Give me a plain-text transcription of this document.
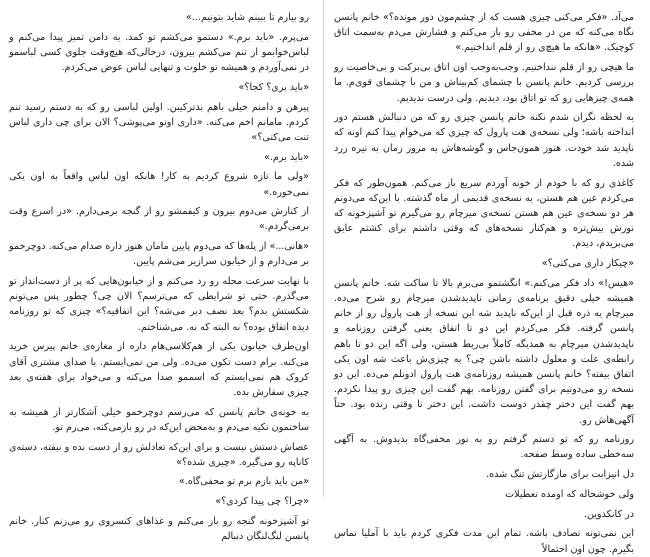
رو بیارم تا ببینم شاید بتونیم...»

می‌پرم. «باید برم.» دستمو می‌کشم تو کمد. یه دامن تمیز پیدا می‌کنم و لباس‌خوابمو از تنم می‌کشم بیرون، درحالی‌که هیچ‌وقت جلوی کسی لباسمو در نمی‌آوردم و همیشه تو خلوت و تنهایی لباس عوض می‌کردم.

«باید بری؟ کجا؟»

پیرهن و دامنم خیلی باهم بدترکیبن. اولین لباسی رو که به دستم رسید تنم کردم. مامانم اخم می‌کنه. «داری اونو می‌پوشی؟ الان برای چی داری لباس تنت می‌کنی؟»

«باید برم.»

«ولی ما تازه شروع کردیم به کار! هانکه اون لباس واقعاً به اون یکی نمی‌خوره.»

از کنارش می‌دوم بیرون و کیفمشو رو از گنجه برمی‌دارم. «در اسرع وقت برمی‌گردم.»

«هانی...» از پله‌ها که می‌دوم پایین مامان هنوز داره صدام می‌کنه. دوچرخمو بر می‌دارم و از خیابون سرازیر می‌شم پایین.

با نهایت سرعت محله رو رد می‌کنم و از خیابون‌هایی که پر از دست‌انداز تو می‌گذرم. حتی تو شرایطی که می‌ترسم؟ الان چی؟ چطور پس می‌تونم شکستش بدم؟ بعد نصف دیر می‌شه؟ این اتفاقیه؟» چیزی که تو روزنامه دیده اتفاق بوده؟ نه البته که نه. می‌شناختم.

اون‌طرف خیابون یکی از هم‌کلاسی‌هام داره از مغازه‌ی خانم پیرس خرید می‌کنه. برام دست تکون می‌ده. ولی من نمی‌ایستم. با صدای مشتری آقای کروک هم نمی‌ایستم که اسممو صدا می‌کنه و می‌خواد برای هفته‌ی بعد چیزی سفارش بده.

به خونه‌ی خانم پانسن که می‌رسم دوچرخمو خیلی آشکارتر از همیشه به ساختمون تکیه می‌دم و به‌محض این‌که در رو بازمی‌کنه، می‌رم تو.

عصاش دستش نیست و برای این‌که تعادلش رو از دست نده و نیفته، دسته‌ی کاناپه رو می‌گیره. «چیزی شده؟»

«من باید بازم برم تو محفی‌گاه.»

«چرا؟ چی پیدا کردی؟»

تو آشپزخونه گنجه رو باز می‌کنم و غذاهای کنسروی رو می‌زنم کنار. خانم پانسن لنگ‌لنگان دنبالم

می‌آد. «فکر می‌کنی چیزی هست که از چشم‌مون دور مونده؟» خانم پانسن نگاه می‌کنه که من در مخفی رو باز می‌کنم و فشارش می‌دم به‌سمت اتاق کوچیک. «هانکه ما هیچ‌ی رو از قلم انداختیم.»

ما هیچی رو از قلم ننداختیم. وجب‌به‌وجب اون اتاق بی‌برکت و بی‌خاصیت رو بررسی کردیم. خانم پانسن با چشمای کم‌بیناش و من با چشمای قوی‌م. ما همه‌ی چیزهایی رو که تو اتاق بود، دیدیم. ولی درست ندیدیم.

یه لحظه نگران شدم نکنه خانم پانسن چیزی رو که من دنبالش هستم دور انداخته باشه؛ ولی نسخه‌ی هت پارول که چیزی که می‌خوام پیدا کنم اونه که ناپدید شد خودت. هنوز همون‌جاس و گوشه‌هاش به مرور زمان به تیره زرد شده.

کاغذی رو که با خودم از خونه آوردم سریع باز می‌کنم. همون‌طور که فکر می‌کردم عین هم هستن، یه نسخه‌ی قدیمی از ماه گذشته. با این‌که می‌دونم هر دو نسخه‌ی عین هم هستن نسخه‌ی میرچام رو می‌گیرم تو آشپزخونه که نورش بیش‌تره و هم‌کنار نسخه‌های که وقتی داشتم برای کشتم عایق می‌بریدم، دیدم.

«چیکار داری می‌کنی؟»

«هیس!» داد فکر می‌کنم.» انگشتمو می‌برم بالا تا ساکت شه. خانم پانسن همیشه خیلی دقیق برنامه‌ی زمانی ناپدیدشدن میرچام رو شرح می‌ده. میرچام یه ذره قبل از این‌که ناپدید شه این نسخه از هت پارول رو از خانم پانسن گرفته. فکر می‌کردم این دو تا اتفاق یعنی گرفتن روزنامه و ناپدیدشدن میرچام به همدیگه کاملاً بی‌ربط هستن، ولی اگه این دو تا باهم رابطه‌ی علت و معلول داشته باشن چی؟ یه چیزی‌ش باعث شه اون یکی اتفاق بیفته؟ خانم پانسن همیشه روزنامه‌ی هت پارول ادونلم می‌ده. این دو نسخه رو می‌دونیم برای گفتن روزنامه. بهم گفت این چیزی رو پیدا نکردم. بهم گفت این دختر چقدر دوست داشت. این دختر تا وقتی زنده بود. حتاً آگهی‌هاش رو.

روزنامه رو که تو دستم گرفتم رو به نور مخفی‌گاه بدیدوش. به آگهی سه‌خطی ساده وسط صفحه.

دل انیزابت برای مارگارتش تنگ شده.

ولی خوشحاله که اومده تعطیلات

در کانکدوین.

این نمی‌تونه تصادف باشه. تمام این مدت فکری کردم باید با آملیا تماس بگیرم. چون اون احتمالاً
